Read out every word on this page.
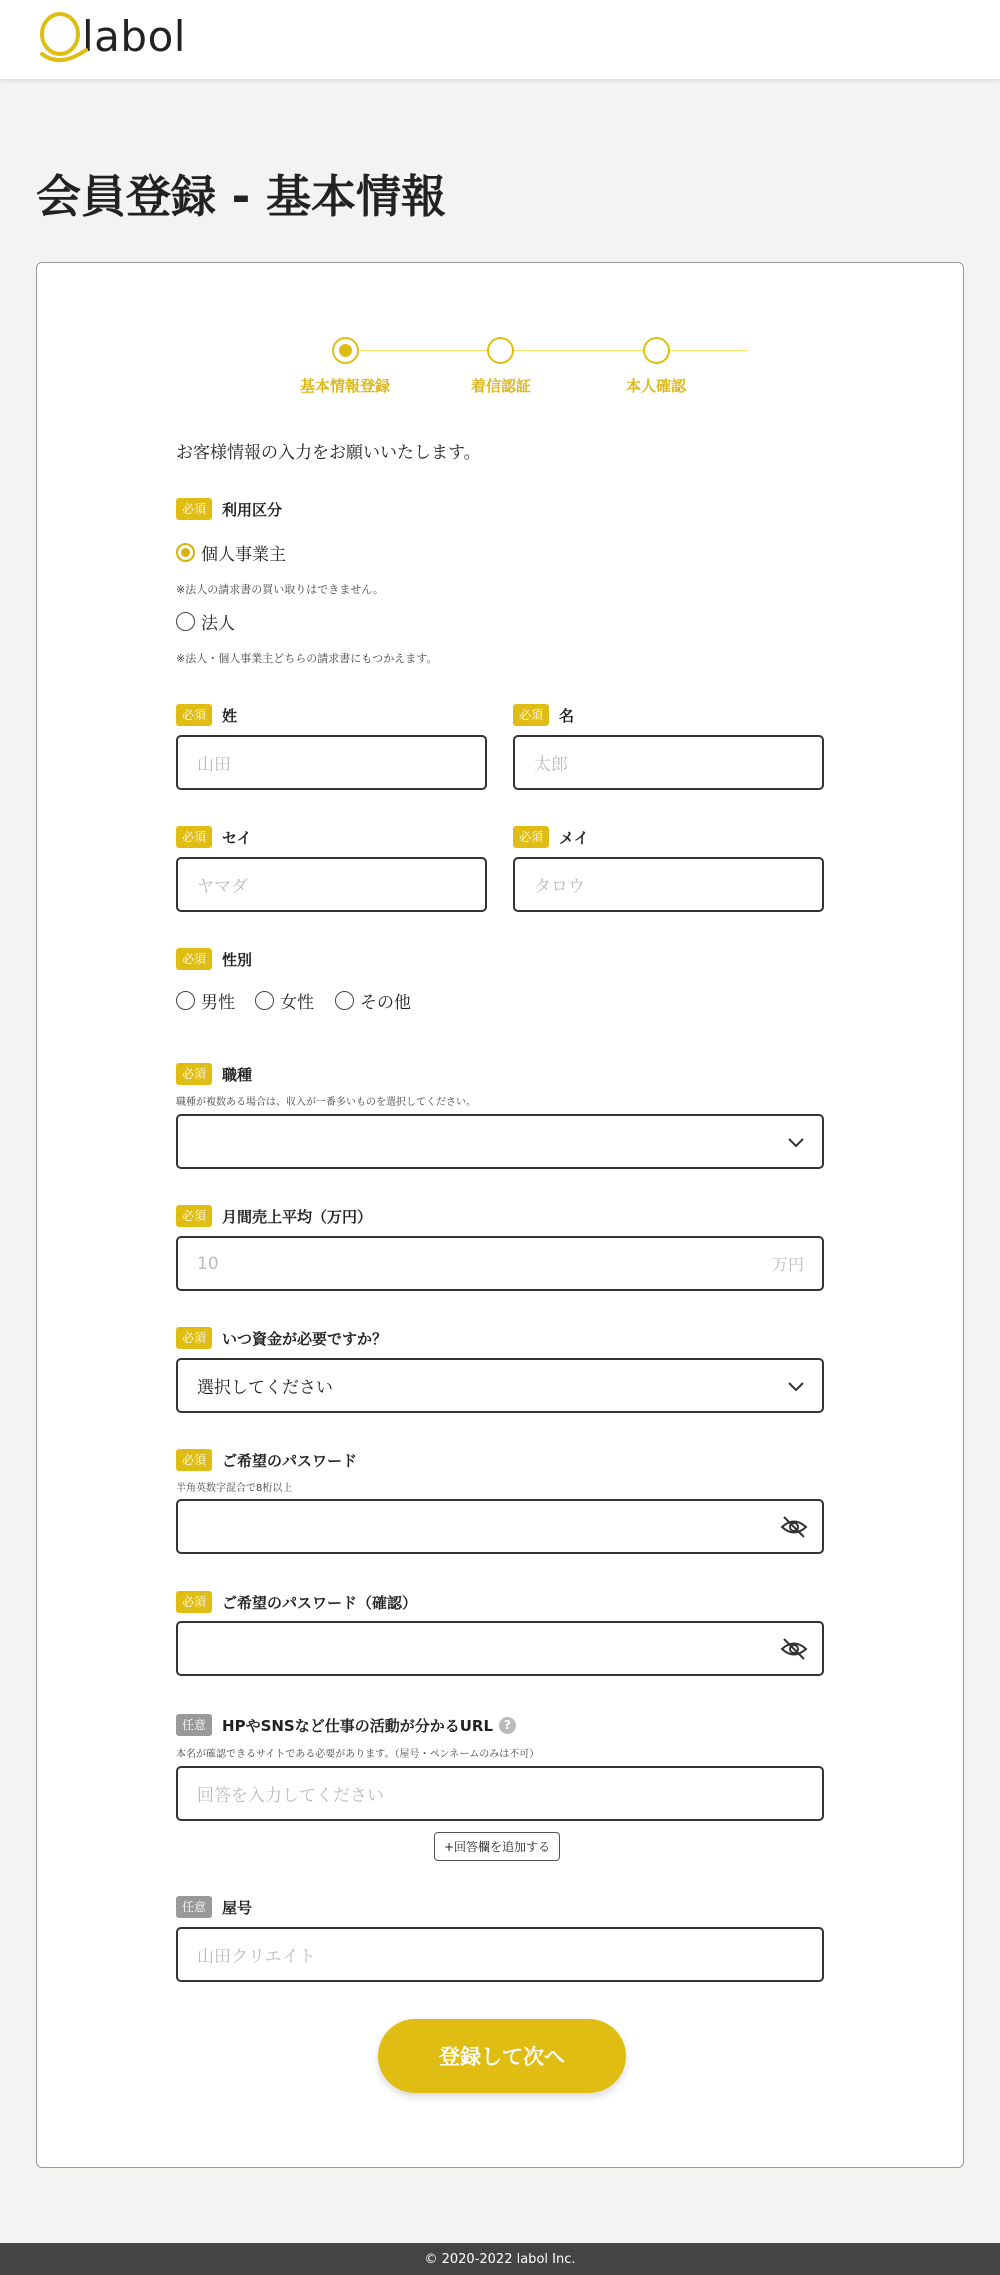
labol
会員登録 - 基本情報
基本情報登録	着信認証	本人確認
お客様情報の入力をお願いいたします。
必須	利用区分
個人事業主
※法人の請求書の買い取りはできません。
法人
※法人・個人事業主どちらの請求書にもつかえます。
必須	姓
山田
必須	名
太郎
必須	セイ
ヤマダ
必須	メイ
タロウ
必須	性別
男性	女性	その他
必須	職種
職種が複数ある場合は、収入が一番多いものを選択してください。
必須	月間売上平均（万円）
10	万円
必須	いつ資金が必要ですか？
選択してください
必須	ご希望のパスワード
半角英数字混合で8桁以上
必須	ご希望のパスワード（確認）
任意	HPやSNSなど仕事の活動が分かるURL ?
本名が確認できるサイトである必要があります。（屋号・ペンネームのみは不可）
回答を入力してください
+回答欄を追加する
任意	屋号
山田クリエイト
登録して次へ
© 2020-2022 labol Inc.
